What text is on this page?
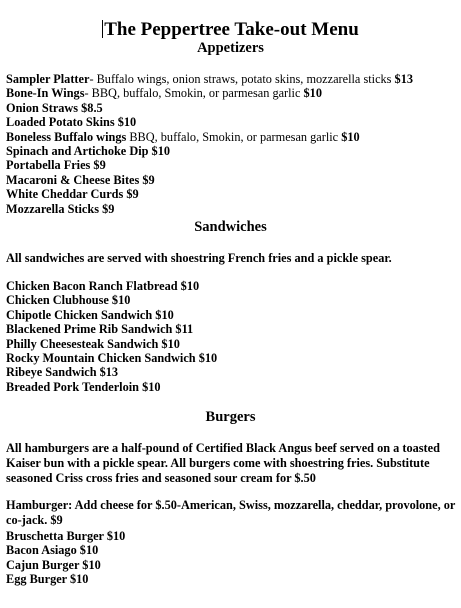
The Peppertree Take-out Menu
Appetizers
Sampler Platter- Buffalo wings, onion straws, potato skins, mozzarella sticks $13
Bone-In Wings- BBQ, buffalo, Smokin, or parmesan garlic $10
Onion Straws $8.5
Loaded Potato Skins $10
Boneless Buffalo wings BBQ, buffalo, Smokin, or parmesan garlic $10
Spinach and Artichoke Dip $10
Portabella Fries $9
Macaroni & Cheese Bites $9
White Cheddar Curds $9
Mozzarella Sticks $9
Sandwiches
All sandwiches are served with shoestring French fries and a pickle spear.
Chicken Bacon Ranch Flatbread $10
Chicken Clubhouse $10
Chipotle Chicken Sandwich $10
Blackened Prime Rib Sandwich $11
Philly Cheesesteak Sandwich $10
Rocky Mountain Chicken Sandwich $10
Ribeye Sandwich $13
Breaded Pork Tenderloin $10
Burgers
All hamburgers are a half-pound of Certified Black Angus beef served on a toasted Kaiser bun with a pickle spear. All burgers come with shoestring fries. Substitute seasoned Criss cross fries and seasoned sour cream for $.50
Hamburger: Add cheese for $.50-American, Swiss, mozzarella, cheddar, provolone, or co-jack. $9
Bruschetta Burger $10
Bacon Asiago $10
Cajun Burger $10
Egg Burger $10
